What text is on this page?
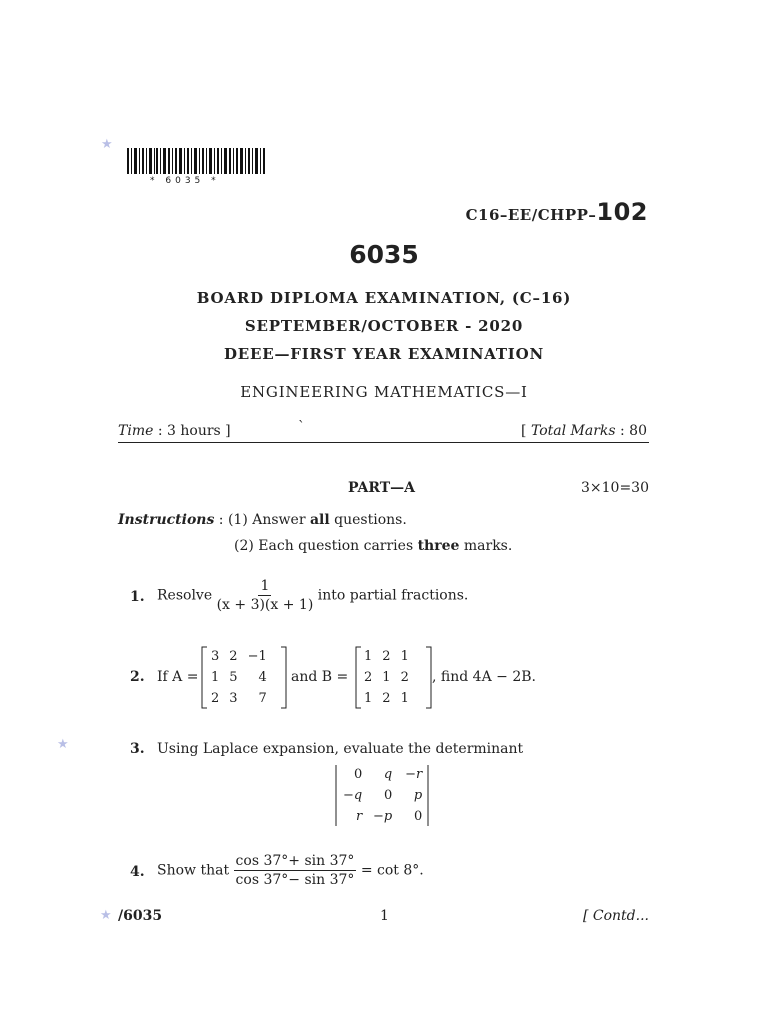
★
★
★
* 6035 *
C16–EE/CHPP–102
6035
BOARD DIPLOMA EXAMINATION, (C–16)
SEPTEMBER/OCTOBER - 2020
DEEE—FIRST YEAR EXAMINATION
ENGINEERING MATHEMATICS—I
Time : 3 hours ]	`	[ Total Marks : 80
PART—A	3×10=30
Instructions : (1) Answer all questions.
(2) Each question carries three marks.
1. Resolve $\frac{1}{(x + 3)(x + 1)}$ into partial fractions.
2. If A =
3	2	−1
1	5	4
2	3	7
and B =
1	2	1
2	1	2
1	2	1
, find 4A − 2B.
3. Using Laplace expansion, evaluate the determinant
0	q	−r
−q	0	p
r	−p	0
4. Show that $\frac{\cos 37^\circ+ \sin 37^\circ}{\cos 37^\circ- \sin 37^\circ} = \cot 8^\circ$.
/6035	1	[ Contd...
